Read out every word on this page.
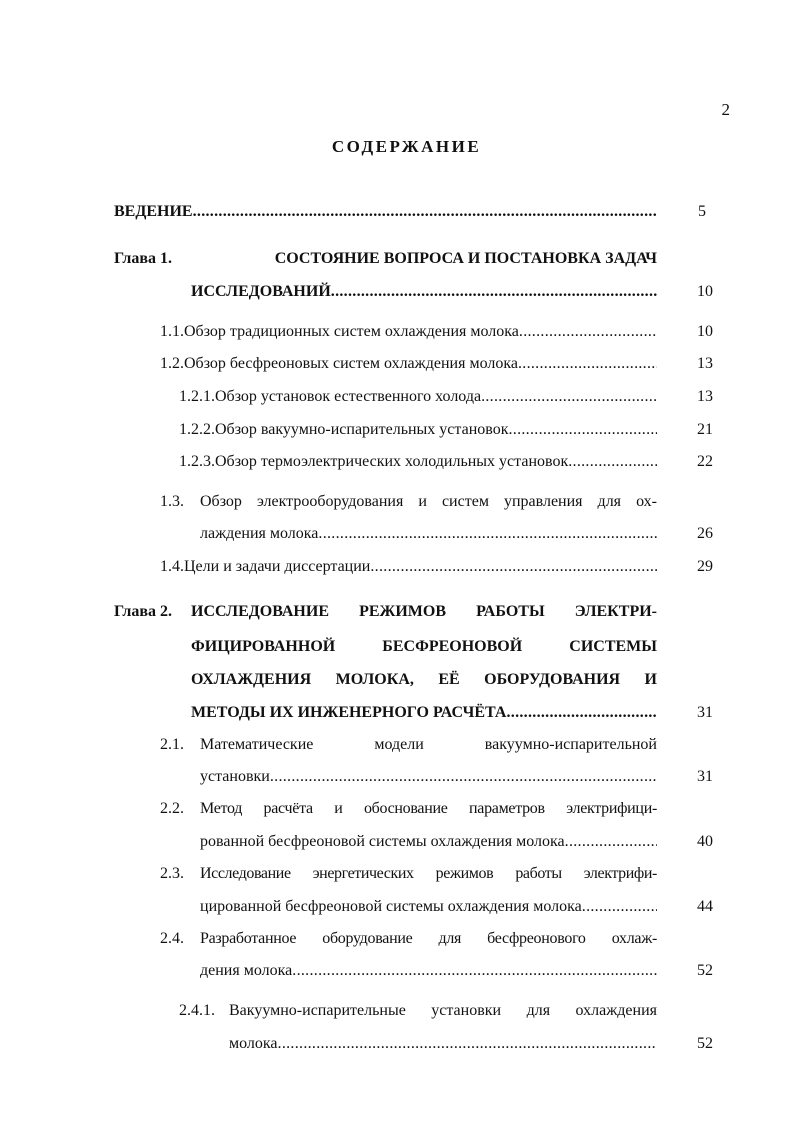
2
СОДЕРЖАНИЕ
ВЕДЕНИЕ .....	5
Глава 1.	СОСТОЯНИЕ ВОПРОСА И ПОСТАНОВКА ЗАДАЧ
ИССЛЕДОВАНИЙ .....	10
1.1. Обзор традиционных систем охлаждения молока .....	10
1.2. Обзор бесфреоновых систем охлаждения молока .....	13
1.2.1. Обзор установок естественного холода .....	13
1.2.2. Обзор вакуумно-испарительных установок .....	21
1.2.3. Обзор термоэлектрических холодильных установок .....	22
1.3.	Обзор электрооборудования и систем управления для ох-
лаждения молока .....	26
1.4. Цели и задачи диссертации .....	29
Глава 2.	ИССЛЕДОВАНИЕ РЕЖИМОВ РАБОТЫ ЭЛЕКТРИ-
ФИЦИРОВАННОЙ БЕСФРЕОНОВОЙ СИСТЕМЫ
ОХЛАЖДЕНИЯ МОЛОКА, ЕЁ ОБОРУДОВАНИЯ И
МЕТОДЫ ИХ ИНЖЕНЕРНОГО РАСЧЁТА .....	31
2.1.	Математические модели вакуумно-испарительной
установки .....	31
2.2.	Метод расчёта и обоснование параметров электрифици-
рованной бесфреоновой системы охлаждения молока .....	40
2.3.	Исследование энергетических режимов работы электрифи-
цированной бесфреоновой системы охлаждения молока .....	44
2.4.	Разработанное оборудование для бесфреонового охлаж-
дения молока .....	52
2.4.1. Вакуумно-испарительные установки для охлаждения
молока .....	52
